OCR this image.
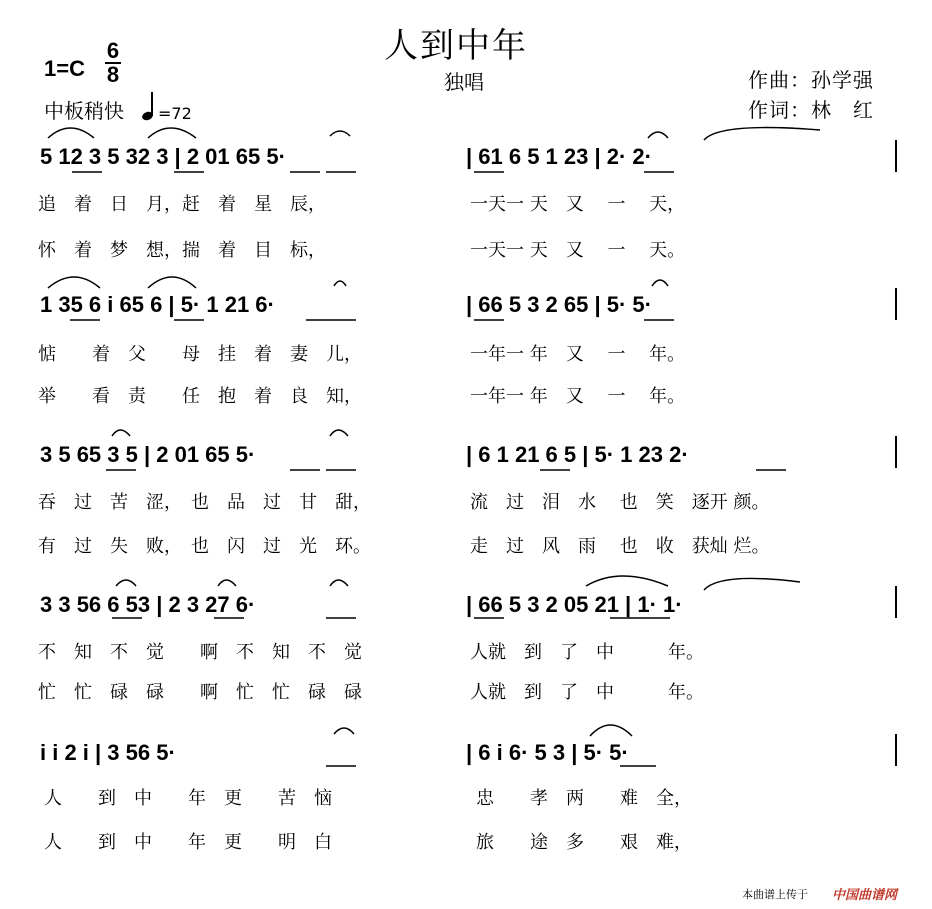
人到中年
独唱
1=C
6
8
中板稍快 =72
作曲：孙学强
作词：林　红
5 12 3 5 32 3 | 2 01 65 5·	| 61 6 5 1 23 | 2· 2·
追　着　日　月，赶　着　星　辰，	一天一 天　又　 一　 天，
怀　着　梦　想，揣　着　目　标，	一天一 天　又　 一　 天。
1 35 6 i 65 6 | 5· 1 21 6·	| 66 5 3 2 65 | 5· 5·
惦　　着　父　　母　挂　着　妻　儿，	一年一 年　又　 一　 年。
举　　看　责　　任　抱　着　良　知，	一年一 年　又　 一　 年。
3 5 65 3 5 | 2 01 65 5·	| 6 1 21 6 5 | 5· 1 23 2·
吞　过　苦　涩，　也　品　过　甘　甜，	流　过　泪　水　 也　笑　逐开 颜。
有　过　失　败，　也　闪　过　光　环。	走　过　风　雨　 也　收　获灿 烂。
3 3 56 6 53 | 2 3 27 6·	| 66 5 3 2 05 21 | 1· 1·
不　知　不　觉　　啊　不　知　不　觉	人就　到　了　中　　　年。
忙　忙　碌　碌　　啊　忙　忙　碌　碌	人就　到　了　中　　　年。
i i 2 i | 3 56 5·	| 6 i 6· 5 3 | 5· 5·
人　　到　中　　年　更　　苦　恼	忠　　孝　两　　难　全，
人　　到　中　　年　更　　明　白	旅　　途　多　　艰　难，
本曲谱上传于 中国曲谱网
